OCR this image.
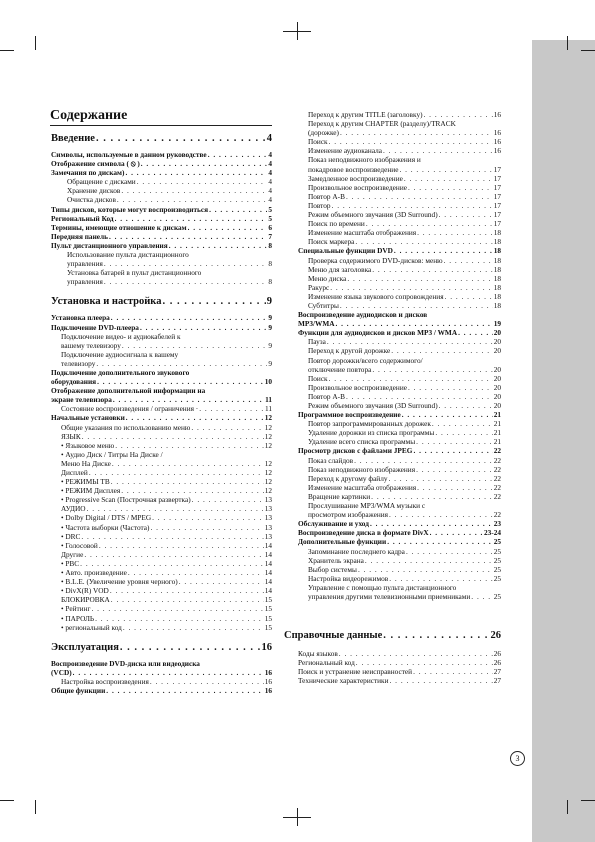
Содержание
Введение . . .	4
Символы, используемые в данном руководстве . . .	4
Отображение символа ( ⦸ ) . . .	4
Замечания по дискам) . . .	4
Обращение с дисками . . .	4
Хранение дисков . . .	4
Очистка дисков . . .	4
Типы дисков, которые могут воспроизводиться . . .	5
Региональный Код . . .	5
Термины, имеющие отношение к дискам . . .	6
Передняя панель . . .	7
Пульт дистанционного управления . . .	8
Использование пульта дистанционного
управления . . .	8
Установка батарей в пульт дистанционного
управления . . .	8
Установка и настройка . . .	9
Установка плеера . . .	9
Подключение DVD-плеера . . .	9
Подключение видео- и аудиокабелей к
вашему телевизору . . .	9
Подключение аудиосигнала к вашему
телевизору . . .	9
Подключение дополнительного звукового
оборудования . . .	10
Отображение дополнительной информации на
экране телевизора . . .	11
Состояние воспроизведения / ограничения · . . .	11
Начальные установки . . .	12
Общие указания по использованию меню . . .	12
ЯЗЫК . . .	12
• Языковое меню . . .	12
• Аудио Диск / Титры На Диске /
Меню На Диске . . .	12
Дисплей . . .	12
• РЕЖИМЫ ТВ . . .	12
• РЕЖИМ Дисплея . . .	12
• Progressive Scan (Построчная развертка) . . .	13
АУДИО . . .	13
• Dolby Digital / DTS / MPEG . . .	13
• Частота выборки (Частота) . . .	13
• DRC . . .	13
• Голосовой . . .	14
Другие . . .	14
• PBC . . .	14
• Авто. произведение . . .	14
• B.L.E. (Увеличение уровня черного) . . .	14
• DivX(R) VOD . . .	14
БЛОКИРОВКА . . .	15
• Рейтинг . . .	15
• ПАРОЛЬ . . .	15
• региональный код . . .	15
Эксплуатация . . .	16
Воспроизведение DVD-диска или видеодиска
(VCD) . . .	16
Настройка воспроизведения . . .	16
Общие функции . . .	16
Переход к другим TITLE (заголовку) . . .	16
Переход к другим CHAPTER (разделу)/TRACK
(дорожке) . . .	16
Поиск . . .	16
Изменение аудиоканала . . .	16
Показ неподвижного изображения и
покадровое воспроизведение . . .	17
Замедленное воспроизведение . . .	17
Произвольное воспроизведение . . .	17
Повтор A-B . . .	17
Повтор . . .	17
Режим объемного звучания (3D Surround) . . .	17
Поиск по времени . . .	17
Изменение масштаба отображения . . .	18
Поиск маркера . . .	18
Специальные функции DVD . . .	18
Проверка содержимого DVD-дисков: меню . . .	18
Меню для заголовка . . .	18
Меню диска . . .	18
Ракурс . . .	18
Изменение языка звукового сопровождения . . .	18
Субтитры . . .	18
Воспроизведение аудиодисков и дисков
MP3/WMA . . .	19
Функции для аудиодисков и дисков MP3 / WMA . . .	20
Пауза . . .	20
Переход к другой дорожке . . .	20
Повтор дорожки/всего содержимого/
отключение повтора . . .	20
Поиск . . .	20
Произвольное воспроизведение . . .	20
Повтор A-B . . .	20
Режим объемного звучания (3D Surround) . . .	20
Программное воспроизведение . . .	21
Повтор запрограммированных дорожек . . .	21
Удаление дорожки из списка программы . . .	21
Удаление всего списка программы . . .	21
Просмотр дисков с файлами JPEG . . .	22
Показ слайдов . . .	22
Показ неподвижного изображения . . .	22
Переход к другому файлу . . .	22
Изменение масштаба отображения . . .	22
Вращение картинки . . .	22
Прослушивание MP3/WMA музыки с
просмотром изображения . . .	22
Обслуживание и уход . . .	23
Воспроизведение диска в формате DivX . . .	23-24
Дополнительные функции . . .	25
Запоминание последнего кадра . . .	25
Хранитель экрана . . .	25
Выбор системы . . .	25
Настройка видеорежимов . . .	25
Управление с помощью пульта дистанционного
управления другими телевизионными приемниками . . .	25
Справочные данные . . .	26
Коды языков . . .	26
Региональный код . . .	26
Поиск и устранение неисправностей . . .	27
Технические характеристики . . .	27
3
